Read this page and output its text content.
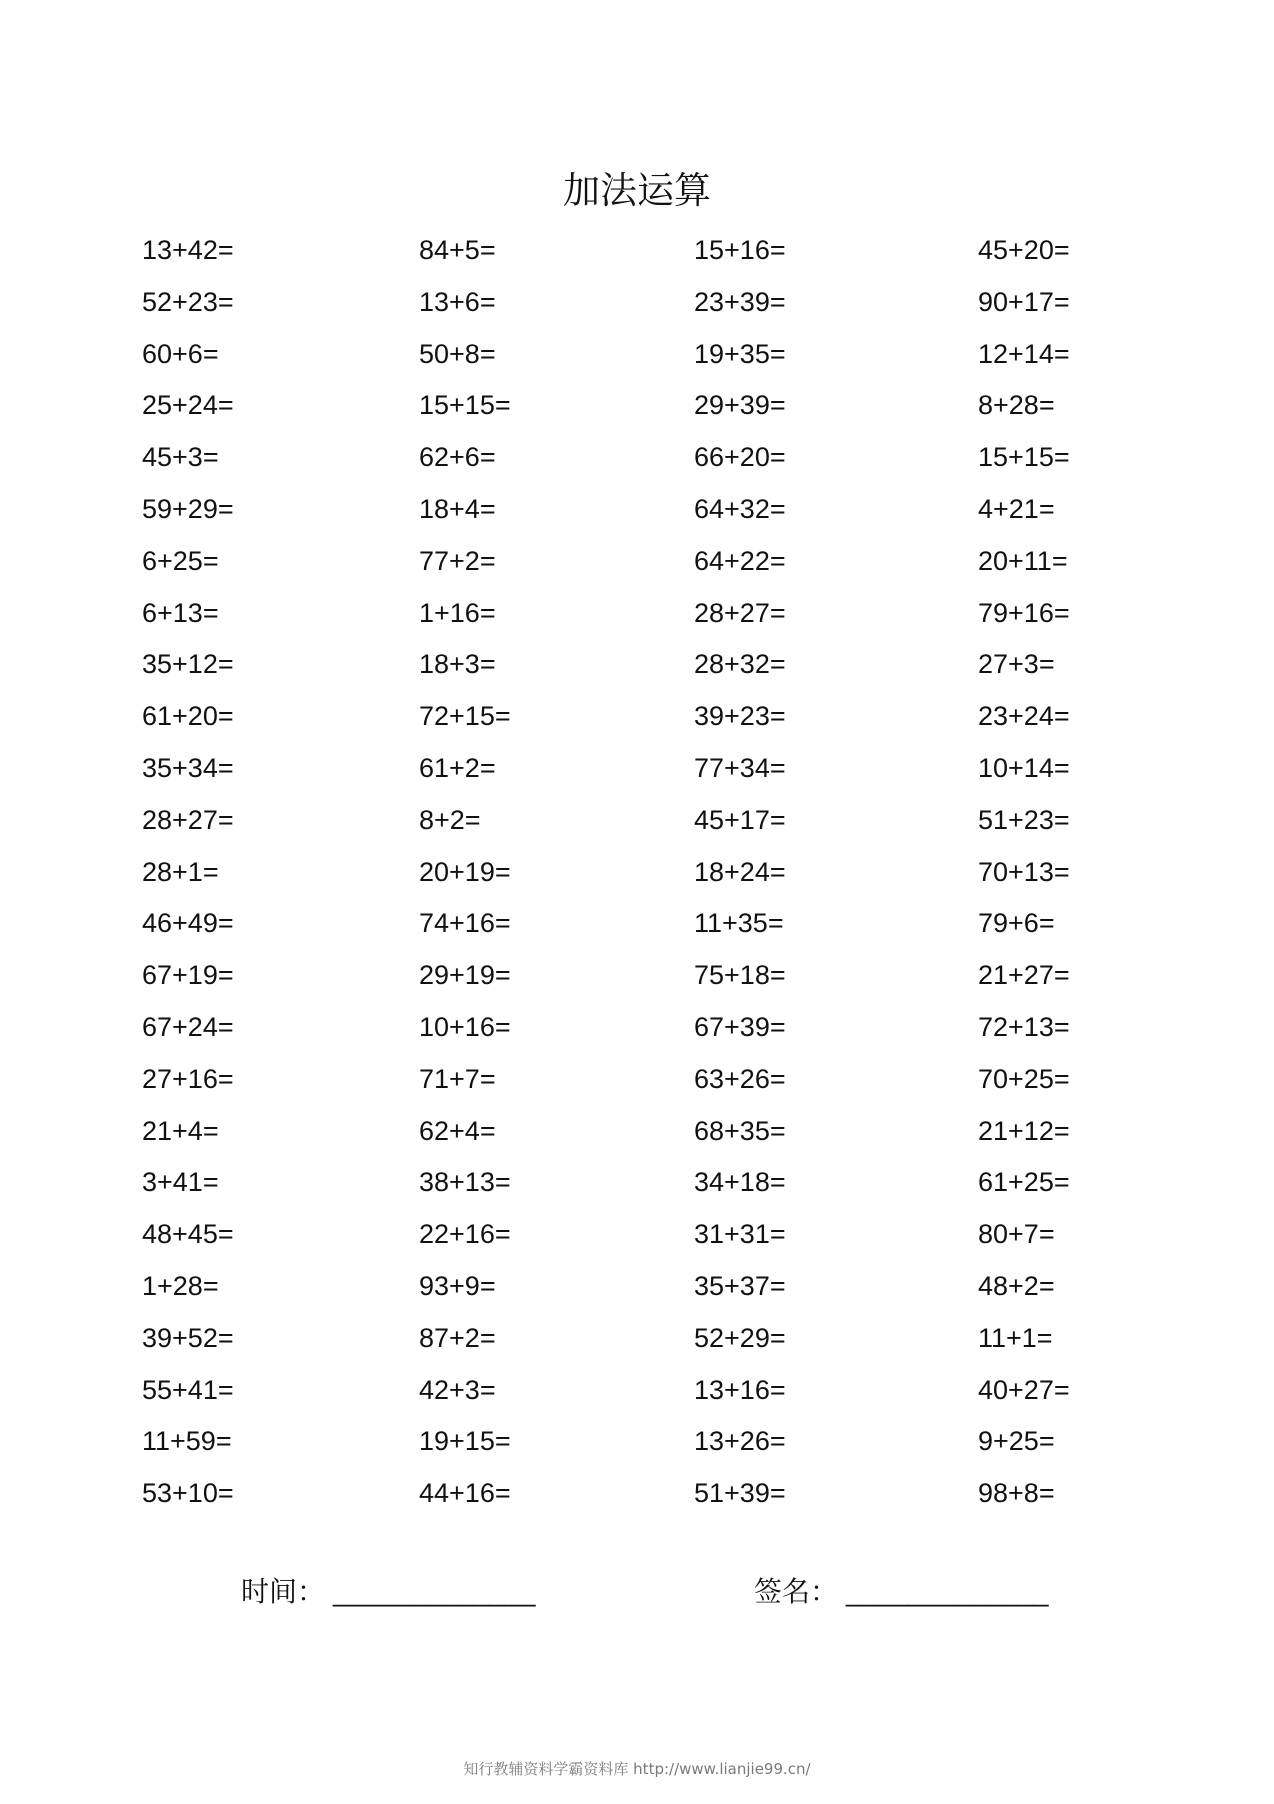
加法运算
13+42=	84+5=	15+16=	45+20=
52+23=	13+6=	23+39=	90+17=
60+6=	50+8=	19+35=	12+14=
25+24=	15+15=	29+39=	8+28=
45+3=	62+6=	66+20=	15+15=
59+29=	18+4=	64+32=	4+21=
6+25=	77+2=	64+22=	20+11=
6+13=	1+16=	28+27=	79+16=
35+12=	18+3=	28+32=	27+3=
61+20=	72+15=	39+23=	23+24=
35+34=	61+2=	77+34=	10+14=
28+27=	8+2=	45+17=	51+23=
28+1=	20+19=	18+24=	70+13=
46+49=	74+16=	11+35=	79+6=
67+19=	29+19=	75+18=	21+27=
67+24=	10+16=	67+39=	72+13=
27+16=	71+7=	63+26=	70+25=
21+4=	62+4=	68+35=	21+12=
3+41=	38+13=	34+18=	61+25=
48+45=	22+16=	31+31=	80+7=
1+28=	93+9=	35+37=	48+2=
39+52=	87+2=	52+29=	11+1=
55+41=	42+3=	13+16=	40+27=
11+59=	19+15=	13+26=	9+25=
53+10=	44+16=	51+39=	98+8=
时间： _____________	签名： _____________
知行教辅资料学霸资料库 http://www.lianjie99.cn/
